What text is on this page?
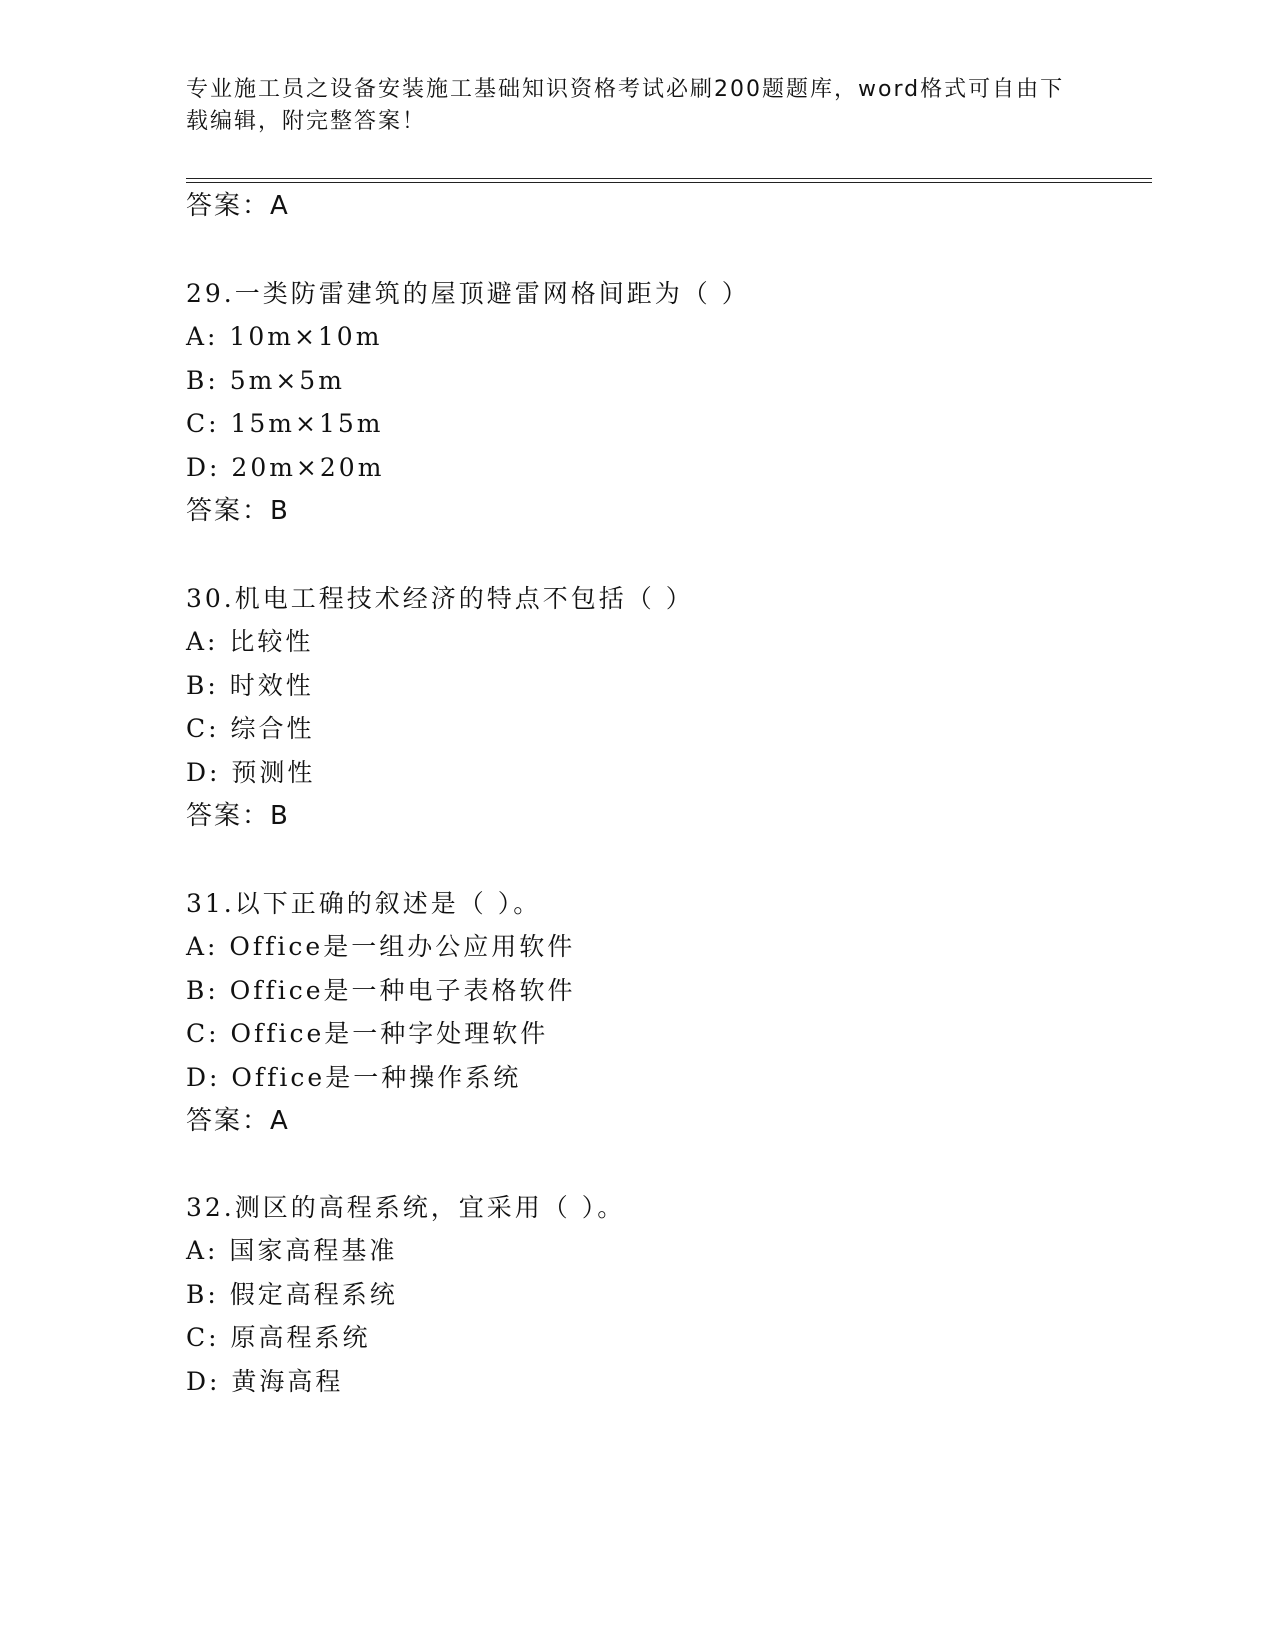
专业施工员之设备安装施工基础知识资格考试必刷200题题库，word格式可自由下载编辑，附完整答案！
答案：A
29.一类防雷建筑的屋顶避雷网格间距为（ ）
A: 10m×10m
B: 5m×5m
C: 15m×15m
D: 20m×20m
答案：B
30.机电工程技术经济的特点不包括（ ）
A: 比较性
B: 时效性
C: 综合性
D: 预测性
答案：B
31.以下正确的叙述是（ ）。
A: Office是一组办公应用软件
B: Office是一种电子表格软件
C: Office是一种字处理软件
D: Office是一种操作系统
答案：A
32.测区的高程系统，宜采用（ ）。
A: 国家高程基准
B: 假定高程系统
C: 原高程系统
D: 黄海高程
